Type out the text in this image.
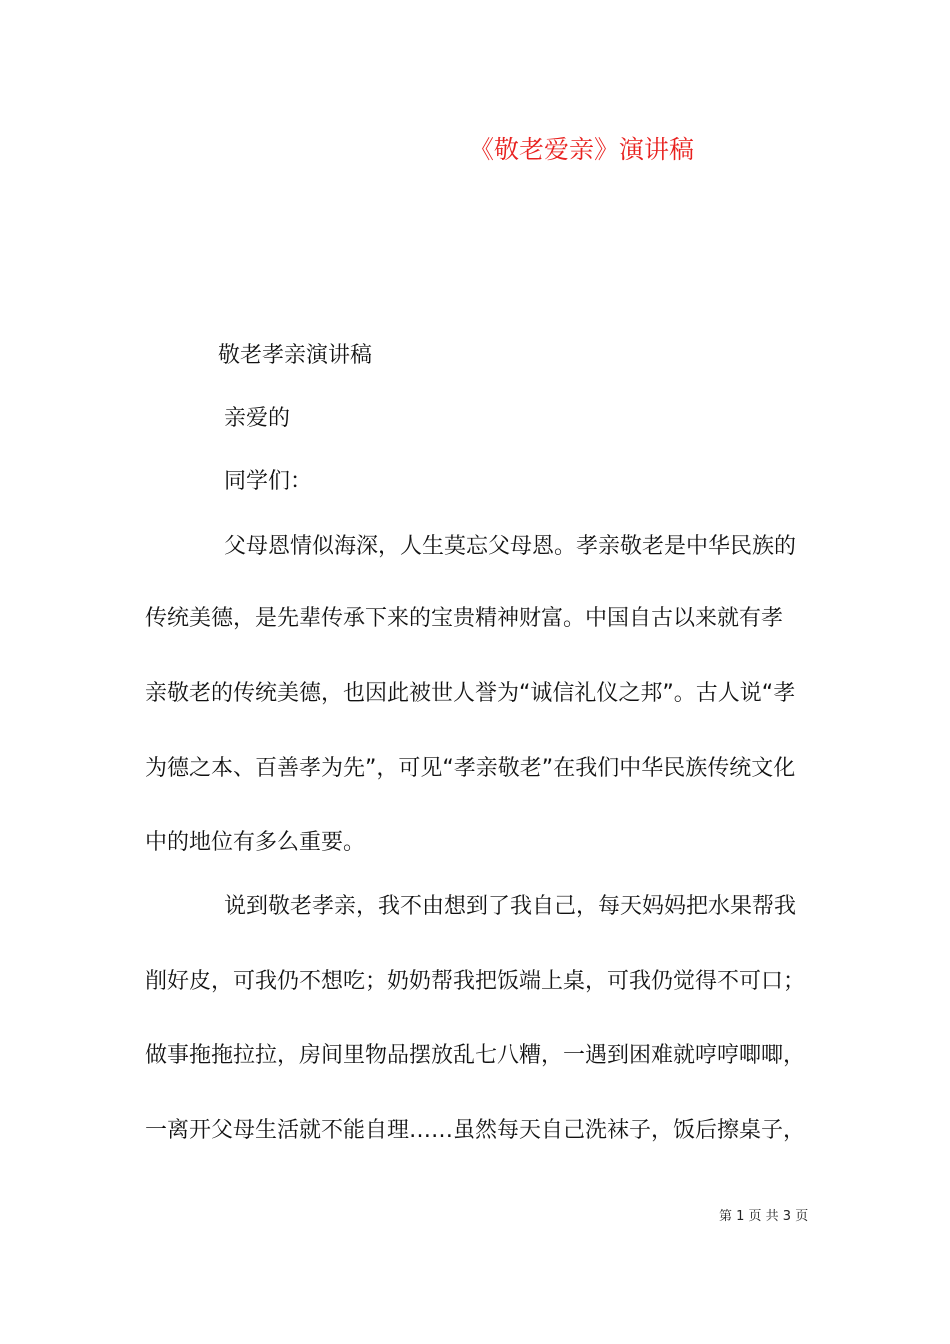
《敬老爱亲》演讲稿
敬老孝亲演讲稿
亲爱的
同学们：
父母恩情似海深，人生莫忘父母恩。孝亲敬老是中华民族的
传统美德，是先辈传承下来的宝贵精神财富。中国自古以来就有孝
亲敬老的传统美德，也因此被世人誉为“诚信礼仪之邦”。古人说“孝
为德之本、百善孝为先”，可见“孝亲敬老”在我们中华民族传统文化
中的地位有多么重要。
说到敬老孝亲，我不由想到了我自己，每天妈妈把水果帮我
削好皮，可我仍不想吃；奶奶帮我把饭端上桌，可我仍觉得不可口；
做事拖拖拉拉，房间里物品摆放乱七八糟，一遇到困难就哼哼唧唧，
一离开父母生活就不能自理……虽然每天自己洗袜子，饭后擦桌子，
第 1 页 共 3 页
